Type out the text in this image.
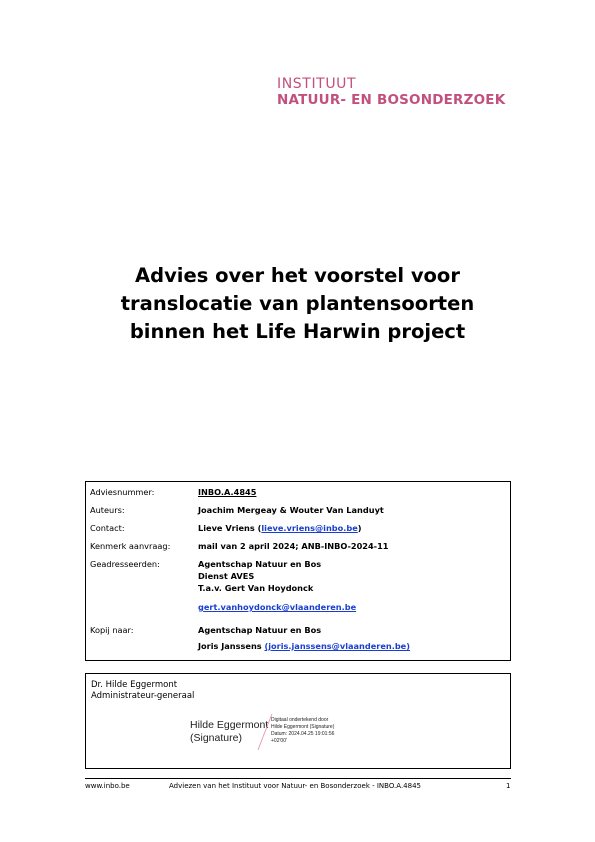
INSTITUUT
NATUUR- EN BOSONDERZOEK
Advies over het voorstel voor
translocatie van plantensoorten
binnen het Life Harwin project
Adviesnummer:	INBO.A.4845
Auteurs:	Joachim Mergeay & Wouter Van Landuyt
Contact:	Lieve Vriens (lieve.vriens@inbo.be)
Kenmerk aanvraag:	mail van 2 april 2024; ANB-INBO-2024-11
Geadresseerden:	Agentschap Natuur en Bos
Dienst AVES
T.a.v. Gert Van Hoydonck
gert.vanhoydonck@vlaanderen.be
Kopij naar:	Agentschap Natuur en Bos
Joris Janssens (joris.janssens@vlaanderen.be)
Dr. Hilde Eggermont
Administrateur-generaal
Hilde Eggermont
(Signature)
Digitaal ondertekend door
Hilde Eggermont (Signature)
Datum: 2024.04.25 19:01:56
+02'00'
www.inbo.be	Adviezen van het Instituut voor Natuur- en Bosonderzoek - INBO.A.4845	1
